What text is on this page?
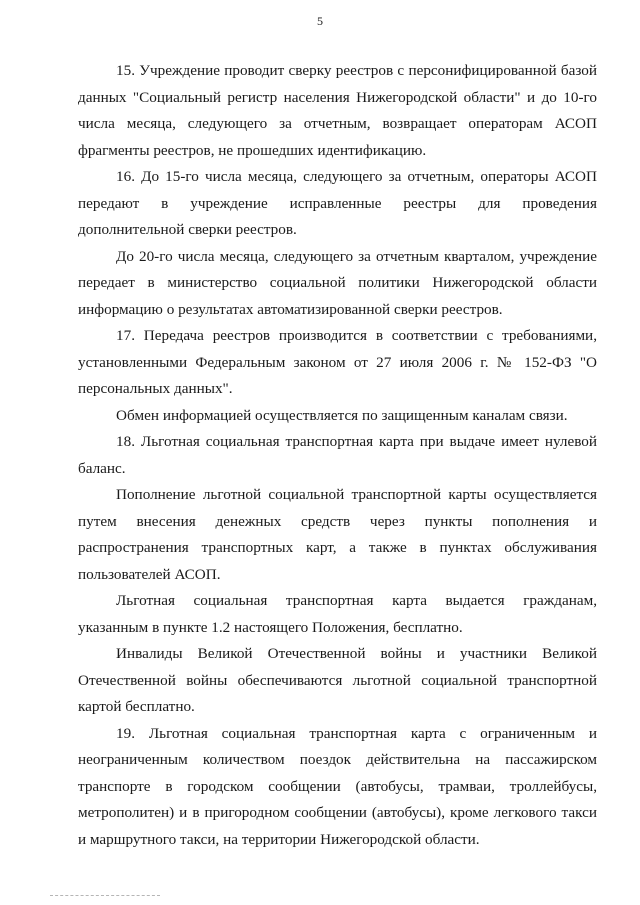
5

15. Учреждение проводит сверку реестров с персонифицированной базой данных "Социальный регистр населения Нижегородской области" и до 10-го числа месяца, следующего за отчетным, возвращает операторам АСОП фрагменты реестров, не прошедших идентификацию.

16. До 15-го числа месяца, следующего за отчетным, операторы АСОП передают в учреждение исправленные реестры для проведения дополнительной сверки реестров.

До 20-го числа месяца, следующего за отчетным кварталом, учреждение передает в министерство социальной политики Нижегородской области информацию о результатах автоматизированной сверки реестров.

17. Передача реестров производится в соответствии с требованиями, установленными Федеральным законом от 27 июля 2006 г. № 152-ФЗ "О персональных данных".

Обмен информацией осуществляется по защищенным каналам связи.

18. Льготная социальная транспортная карта при выдаче имеет нулевой баланс.

Пополнение льготной социальной транспортной карты осуществляется путем внесения денежных средств через пункты пополнения и распространения транспортных карт, а также в пунктах обслуживания пользователей АСОП.

Льготная социальная транспортная карта выдается гражданам, указанным в пункте 1.2 настоящего Положения, бесплатно.

Инвалиды Великой Отечественной войны и участники Великой Отечественной войны обеспечиваются льготной социальной транспортной картой бесплатно.

19. Льготная социальная транспортная карта с ограниченным и неограниченным количеством поездок действительна на пассажирском транспорте в городском сообщении (автобусы, трамваи, троллейбусы, метрополитен) и в пригородном сообщении (автобусы), кроме легкового такси и маршрутного такси, на территории Нижегородской области.
